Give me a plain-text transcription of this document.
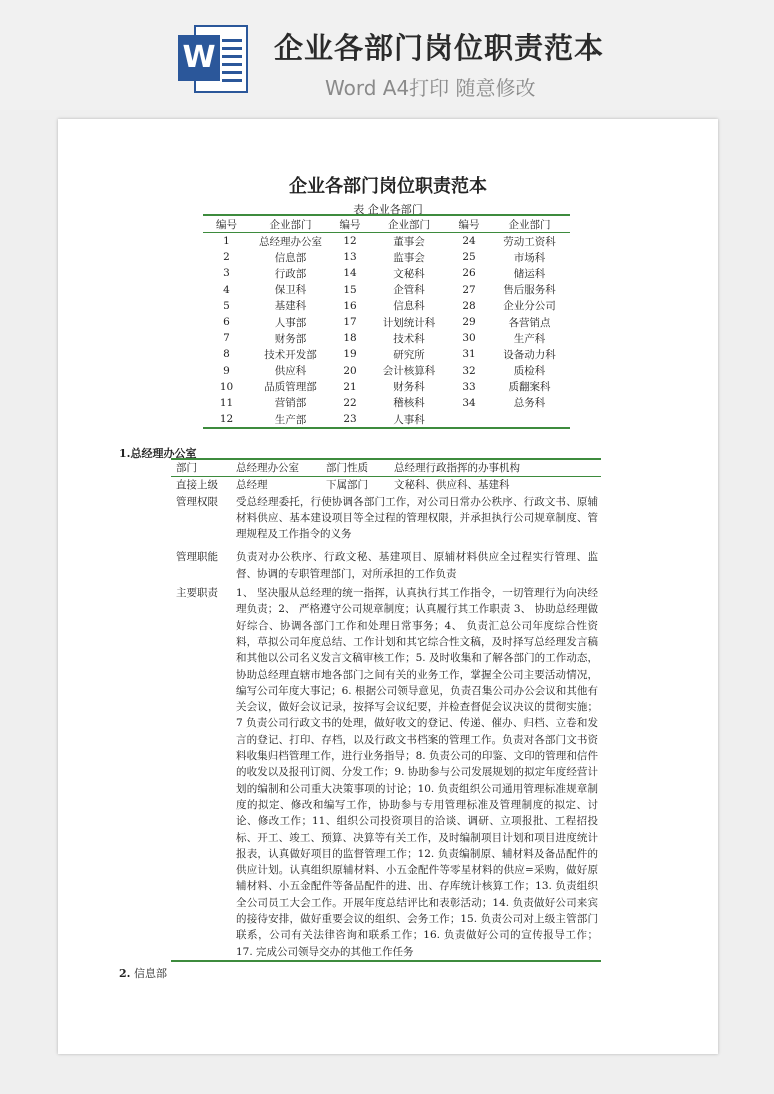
W 企业各部门岗位职责范本
Word A4打印 随意修改
企业各部门岗位职责范本
表 企业各部门
编号	企业部门	编号	企业部门	编号	企业部门
1	总经理办公室	12	董事会	24	劳动工资科
2	信息部	13	监事会	25	市场科
3	行政部	14	文秘科	26	储运科
4	保卫科	15	企管科	27	售后服务科
5	基建科	16	信息科	28	企业分公司
6	人事部	17	计划统计科	29	各营销点
7	财务部	18	技术科	30	生产科
8	技术开发部	19	研究所	31	设备动力科
9	供应科	20	会计核算科	32	质检科
10	品质管理部	21	财务科	33	质翻案科
11	营销部	22	稽核科	34	总务科
12	生产部	23	人事科		
1.总经理办公室
部门	总经理办公室	部门性质	总经理行政指挥的办事机构
直接上级	总经理	下属部门	文秘科、供应科、基建科
管理权限	受总经理委托，行使协调各部门工作，对公司日常办公秩序、行政文书、原辅材料供应、基本建设项目等全过程的管理权限，并承担执行公司规章制度、管理规程及工作指令的义务
管理职能	负责对办公秩序、行政文秘、基建项目、原辅材料供应全过程实行管理、监督、协调的专职管理部门，对所承担的工作负责
主要职责	1、 坚决服从总经理的统一指挥，认真执行其工作指令，一切管理行为向决经理负责；2、 严格遵守公司规章制度；认真履行其工作职责 3、 协助总经理做好综合、协调各部门工作和处理日常事务；4、 负责汇总公司年度综合性资料，草拟公司年度总结、工作计划和其它综合性文稿，及时择写总经理发言稿和其他以公司名义发言文稿审核工作；5. 及时收集和了解各部门的工作动态，协助总经理直辖市地各部门之间有关的业务工作，掌握全公司主要活动情况，编写公司年度大事记；6. 根据公司领导意见，负责召集公司办公会议和其他有关会议，做好会议记录，按择写会议纪要，并检查督促会议决议的贯彻实施；7 负责公司行政文书的处理，做好收文的登记、传递、催办、归档、立卷和发言的登记、打印、存档，以及行政文书档案的管理工作。负责对各部门文书资料收集归档管理工作，进行业务指导；8. 负责公司的印鉴、文印的管理和信件的收发以及报刊订阅、分发工作；9. 协助参与公司发展规划的拟定年度经营计划的编制和公司重大决策事项的讨论；10. 负责组织公司通用管理标准规章制度的拟定、修改和编写工作，协助参与专用管理标准及管理制度的拟定、讨论、修改工作；11、组织公司投资项目的洽谈、调研、立项报批、工程招投标、开工、竣工、预算、决算等有关工作，及时编制项目计划和项目进度统计报表，认真做好项目的监督管理工作；12. 负责编制原、辅材料及备品配件的供应计划。认真组织原辅材料、小五金配件等零星材料的供应=采购，做好原辅材料、小五金配件等备品配件的进、出、存库统计核算工作；13. 负责组织全公司员工大会工作。开展年度总结评比和表彰活动；14. 负责做好公司来宾的接待安排，做好重要会议的组织、会务工作；15. 负责公司对上级主管部门联系，公司有关法律咨询和联系工作；16. 负责做好公司的宣传报导工作；17. 完成公司领导交办的其他工作任务
2. 信息部
